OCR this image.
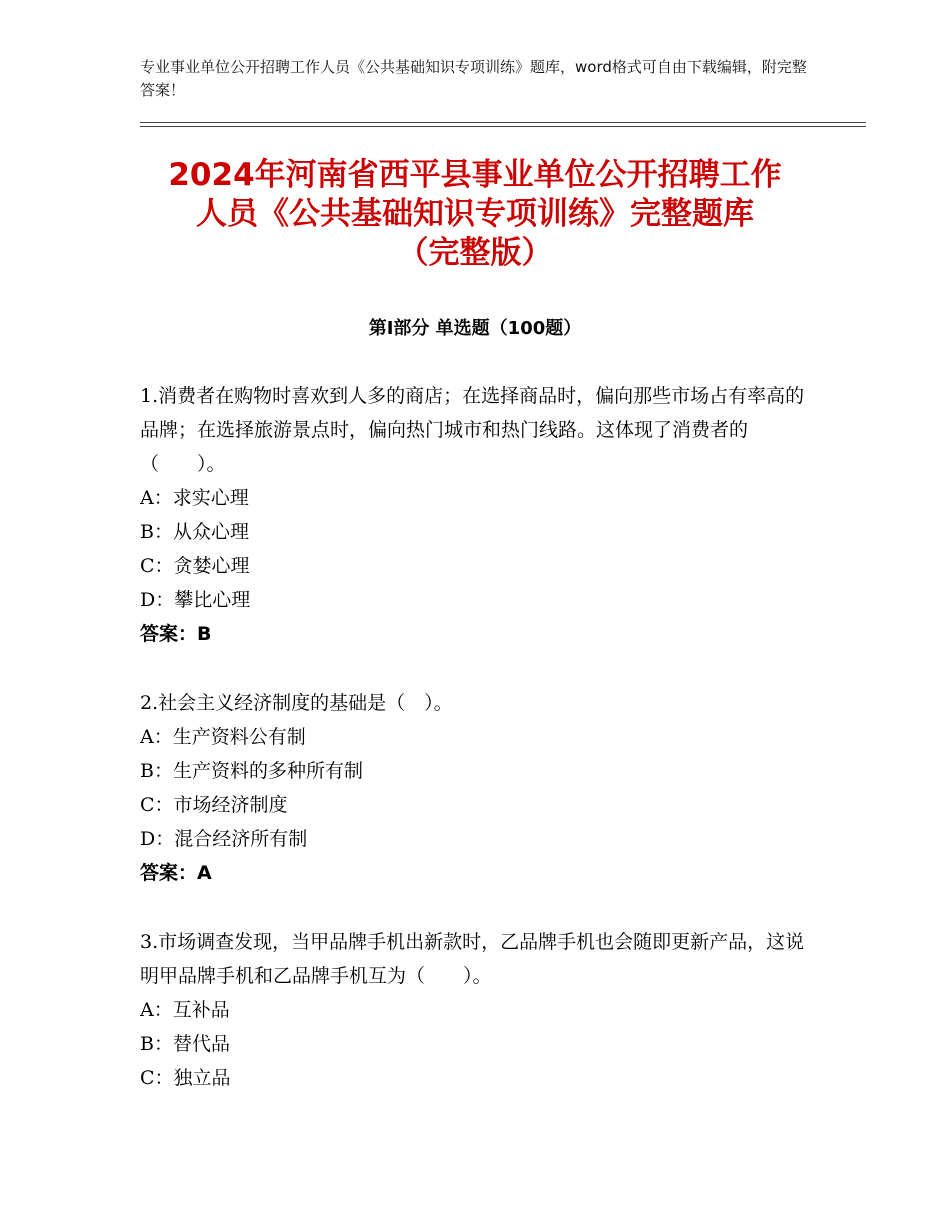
专业事业单位公开招聘工作人员《公共基础知识专项训练》题库，word格式可自由下载编辑，附完整答案！
2024年河南省西平县事业单位公开招聘工作
人员《公共基础知识专项训练》完整题库
（完整版）
第Ⅰ部分 单选题（100题）
1.消费者在购物时喜欢到人多的商店；在选择商品时，偏向那些市场占有率高的品牌；在选择旅游景点时，偏向热门城市和热门线路。这体现了消费者的（　　）。
A：求实心理
B：从众心理
C：贪婪心理
D：攀比心理
答案：B
2.社会主义经济制度的基础是（　）。
A：生产资料公有制
B：生产资料的多种所有制
C：市场经济制度
D：混合经济所有制
答案：A
3.市场调查发现，当甲品牌手机出新款时，乙品牌手机也会随即更新产品，这说明甲品牌手机和乙品牌手机互为（　　）。
A：互补品
B：替代品
C：独立品
